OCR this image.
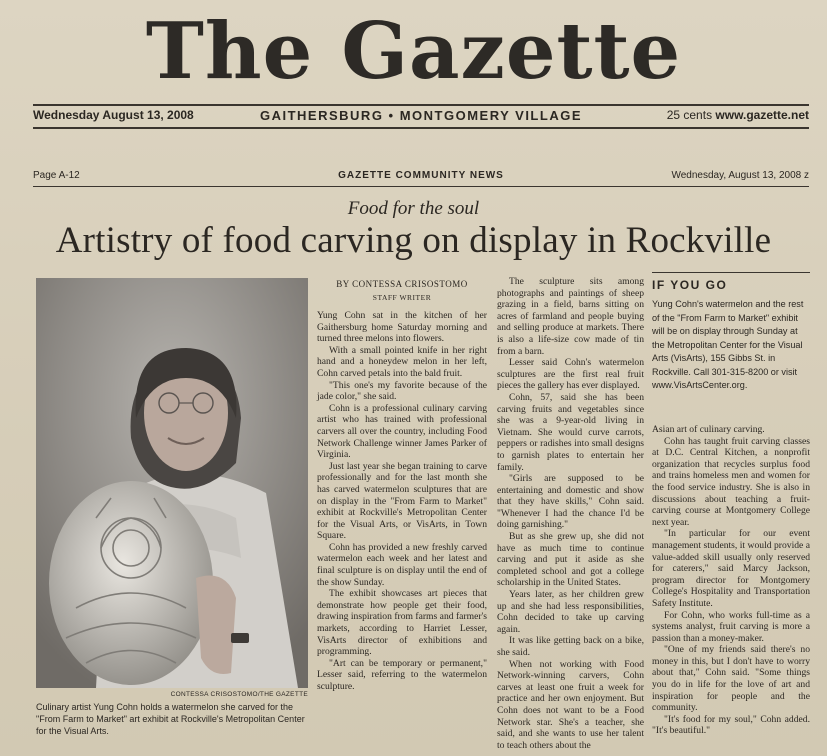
The Gazette
Wednesday August 13, 2008	GAITHERSBURG • MONTGOMERY VILLAGE	25 cents www.gazette.net
Page A-12	GAZETTE COMMUNITY NEWS	Wednesday, August 13, 2008 z
Food for the soul
Artistry of food carving on display in Rockville
CONTESSA CRISOSTOMO/THE GAZETTE
Culinary artist Yung Cohn holds a watermelon she carved for the "From Farm to Market" art exhibit at Rockville's Metropolitan Center for the Visual Arts.
BY CONTESSA CRISOSTOMO
STAFF WRITER

Yung Cohn sat in the kitchen of her Gaithersburg home Saturday morning and turned three melons into flowers.

With a small pointed knife in her right hand and a honeydew melon in her left, Cohn carved petals into the bald fruit.

"This one's my favorite because of the jade color," she said.

Cohn is a professional culinary carving artist who has trained with professional carvers all over the country, including Food Network Challenge winner James Parker of Virginia.

Just last year she began training to carve professionally and for the last month she has carved watermelon sculptures that are on display in the "From Farm to Market" exhibit at Rockville's Metropolitan Center for the Visual Arts, or VisArts, in Town Square.

Cohn has provided a new freshly carved watermelon each week and her latest and final sculpture is on display until the end of the show Sunday.

The exhibit showcases art pieces that demonstrate how people get their food, drawing inspiration from farms and farmer's markets, according to Harriet Lesser, VisArts director of exhibitions and programming.

"Art can be temporary or permanent," Lesser said, referring to the watermelon sculpture.

The sculpture sits among photographs and paintings of sheep grazing in a field, barns sitting on acres of farmland and people buying and selling produce at markets. There is also a life-size cow made of tin from a barn.

Lesser said Cohn's watermelon sculptures are the first real fruit pieces the gallery has ever displayed.

Cohn, 57, said she has been carving fruits and vegetables since she was a 9-year-old living in Vietnam. She would curve carrots, peppers or radishes into small designs to garnish plates to entertain her family.

"Girls are supposed to be entertaining and domestic and show that they have skills," Cohn said. "Whenever I had the chance I'd be doing garnishing."

But as she grew up, she did not have as much time to continue carving and put it aside as she completed school and got a college scholarship in the United States.

Years later, as her children grew up and she had less responsibilities, Cohn decided to take up carving again.

It was like getting back on a bike, she said.

When not working with Food Network-winning carvers, Cohn carves at least one fruit a week for practice and her own enjoyment. But Cohn does not want to be a Food Network star. She's a teacher, she said, and she wants to use her talent to teach others about the

IF YOU GO
Yung Cohn's watermelon and the rest of the "From Farm to Market" exhibit will be on display through Sunday at the Metropolitan Center for the Visual Arts (VisArts), 155 Gibbs St. in Rockville. Call 301-315-8200 or visit www.VisArtsCenter.org.

Asian art of culinary carving.

Cohn has taught fruit carving classes at D.C. Central Kitchen, a nonprofit organization that recycles surplus food and trains homeless men and women for the food service industry. She is also in discussions about teaching a fruit-carving course at Montgomery College next year.

"In particular for our event management students, it would provide a value-added skill usually only reserved for caterers," said Marcy Jackson, program director for Montgomery College's Hospitality and Transportation Safety Institute.

For Cohn, who works full-time as a systems analyst, fruit carving is more a passion than a money-maker.

"One of my friends said there's no money in this, but I don't have to worry about that," Cohn said. "Some things you do in life for the love of art and inspiration for people and the community.

"It's food for my soul," Cohn added. "It's beautiful."
